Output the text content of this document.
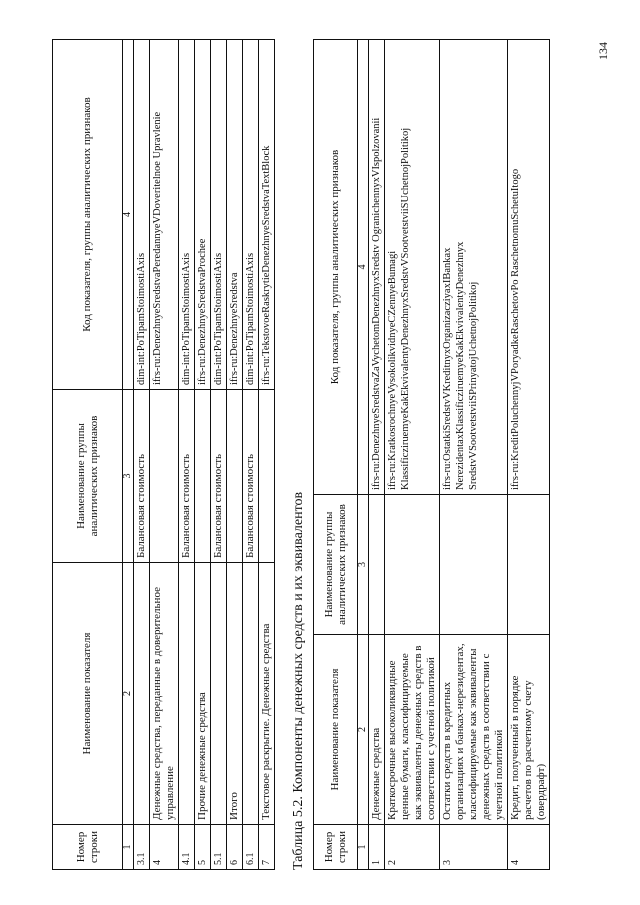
Номер строки	Наименование показателя	Наименование группы аналитических признаков	Код показателя, группы аналитических признаков
1	2	3	4
3.1		Балансовая стоимость	dim-int:PoTipamStoimostiAxis
4	Денежные средства, переданные в доверительное управление		ifrs-ru:DenezhnyeSredstvaPeredannyeVDoveritelnoe Upravlenie
4.1		Балансовая стоимость	dim-int:PoTipamStoimostiAxis
5	Прочие денежные средства		ifrs-ru:DenezhnyeSredstvaProchee
5.1		Балансовая стоимость	dim-int:PoTipamStoimostiAxis
6	Итого		ifrs-ru:DenezhnyeSredstva
6.1		Балансовая стоимость	dim-int:PoTipamStoimostiAxis
7	Текстовое раскрытие. Денежные средства		ifrs-ru:TekstovoeRaskrytieDenezhnyeSredstvaTextBlock
Таблица 5.2. Компоненты денежных средств и их эквивалентов Номер строки	Наименование показателя	Наименование группы аналитических признаков	Код показателя, группы аналитических признаков
1	2	3	4
1	Денежные средства		ifrs-ru:DenezhnyeSredstvaZaVychetomDenezhnyxSredstv OgranichennyxVIspolzovanii
2	Краткосрочные высоколиквидные ценные бумаги, классифицируемые как эквиваленты денежных средств в соответствии с учетной политикой		ifrs-ru:KratkosrochnyeVysokolikvidnyeCZennyeBumagi KlassificziruemyeKakEkvivalentyDenezhnyxSredstvVSootvetstviiSUchetnojPolitikoj
3	Остатки средств в кредитных организациях и банках-нерезидентах, классифицируемые как эквиваленты денежных средств в соответствии с учетной политикой		ifrs-ru:OstatkiSredstvVKreditnyxOrganizacziyaxIBankax NerezidentaxKlassificziruemyeKakEkvivalentyDenezhnyx SredstvVSootvetstviiSPrinyatojUchetnojPolitikoj
4	Кредит, полученный в порядке расчетов по расчетному счету (овердрафт)		ifrs-ru:KreditPoluchennyjVPoryadkeRaschetovPo RaschetnomuSchetuItogo
134
